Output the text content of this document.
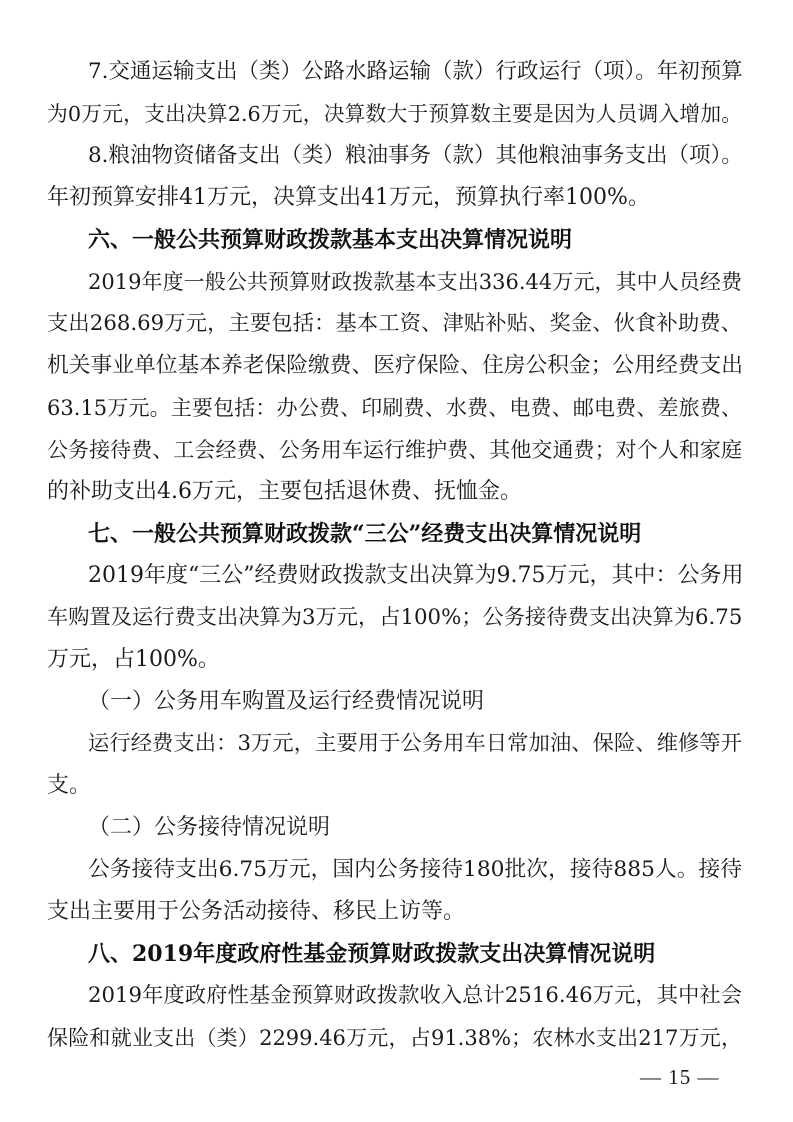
7.交通运输支出（类）公路水路运输（款）行政运行（项）。年初预算

为0万元，支出决算2.6万元，决算数大于预算数主要是因为人员调入增加。

8.粮油物资储备支出（类）粮油事务（款）其他粮油事务支出（项）。

年初预算安排41万元，决算支出41万元，预算执行率100%。

六、一般公共预算财政拨款基本支出决算情况说明

2019年度一般公共预算财政拨款基本支出336.44万元，其中人员经费

支出268.69万元，主要包括：基本工资、津贴补贴、奖金、伙食补助费、

机关事业单位基本养老保险缴费、医疗保险、住房公积金；公用经费支出

63.15万元。主要包括：办公费、印刷费、水费、电费、邮电费、差旅费、

公务接待费、工会经费、公务用车运行维护费、其他交通费；对个人和家庭

的补助支出4.6万元，主要包括退休费、抚恤金。

七、一般公共预算财政拨款“三公”经费支出决算情况说明

2019年度“三公”经费财政拨款支出决算为9.75万元，其中：公务用

车购置及运行费支出决算为3万元，占100%；公务接待费支出决算为6.75

万元，占100%。

（一）公务用车购置及运行经费情况说明

运行经费支出：3万元，主要用于公务用车日常加油、保险、维修等开

支。

（二）公务接待情况说明

公务接待支出6.75万元，国内公务接待180批次，接待885人。接待

支出主要用于公务活动接待、移民上访等。

八、2019年度政府性基金预算财政拨款支出决算情况说明

2019年度政府性基金预算财政拨款收入总计2516.46万元，其中社会

保险和就业支出（类）2299.46万元，占91.38%；农林水支出217万元，

— 15 —
